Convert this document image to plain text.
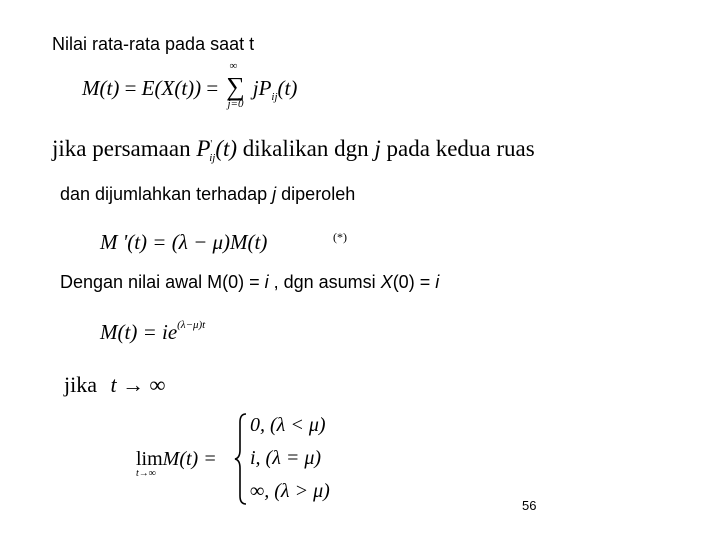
Nilai rata-rata pada saat t
M(t) = E(X(t)) =
∞
∑
j=0
$jP_{ij}(t)$
jika persamaan $P'_{ij}(t)$ dikalikan dgn j pada kedua ruas
dan dijumlahkan terhadap j diperoleh
M '(t) = (λ − μ)M(t)	(*)
Dengan nilai awal M(0) = i , dgn asumsi X(0) = i
$M(t) = ie^{(\lambda-\mu)t}$
jika t → ∞
lim
t→∞
M(t) =
0, (λ < μ)
i, (λ = μ)
∞, (λ > μ)
56
